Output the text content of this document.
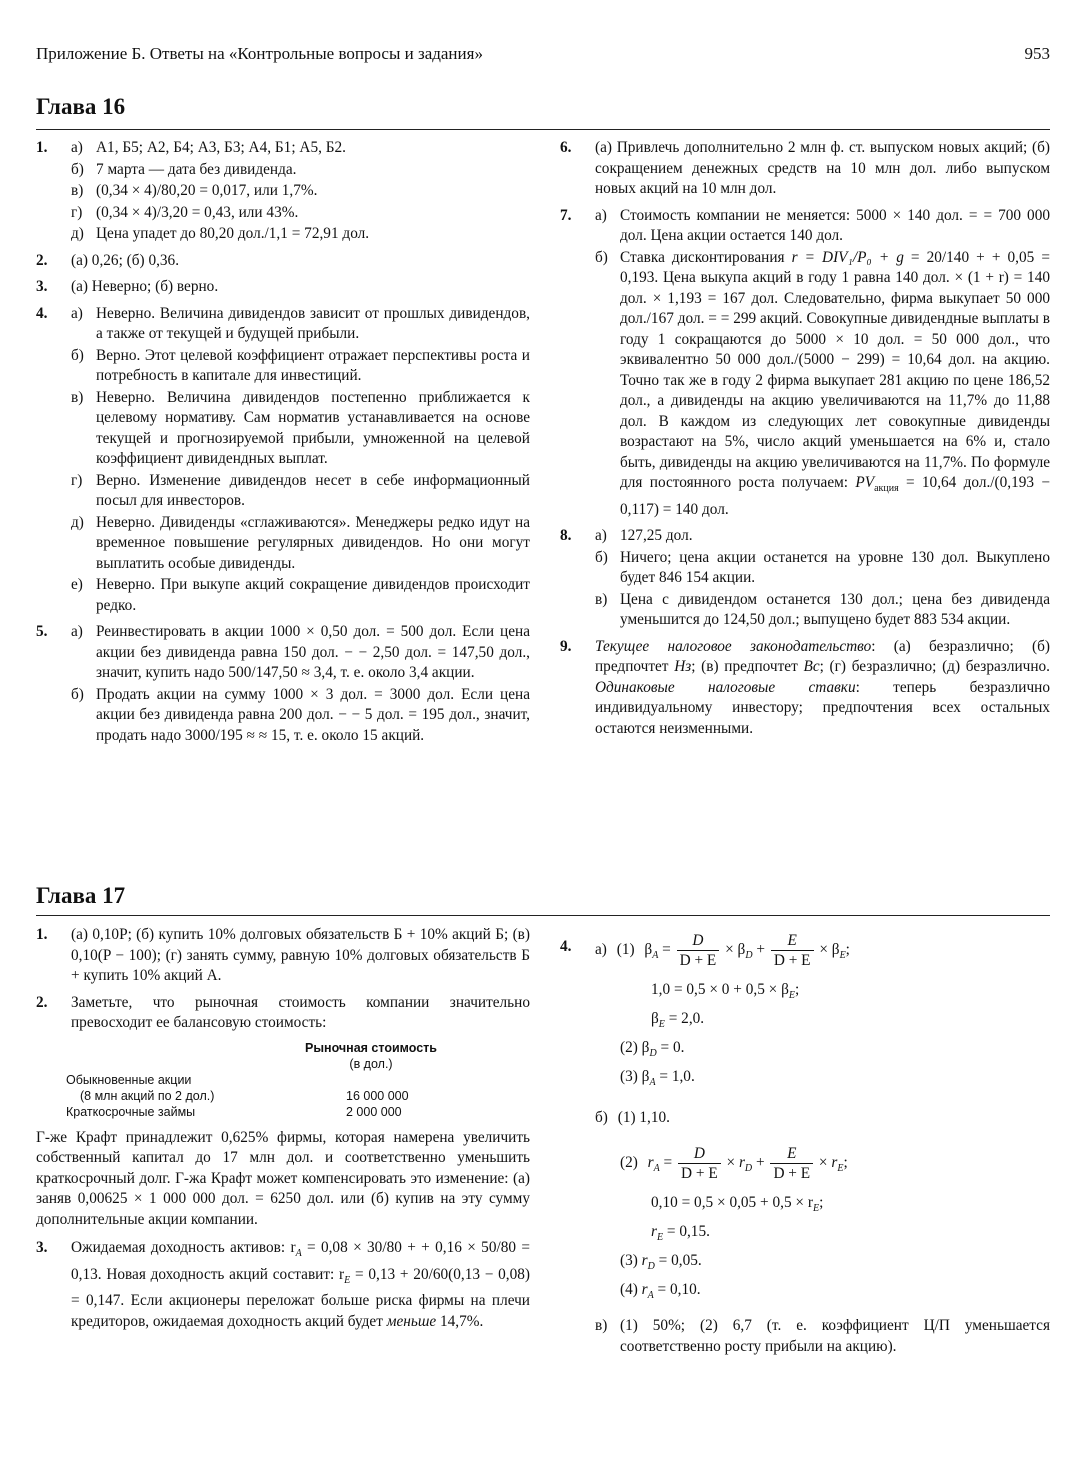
Приложение Б. Ответы на «Контрольные вопросы и задания»	953
Глава 16
1. а) A1, Б5; A2, Б4; A3, Б3; A4, Б1; A5, Б2.
б) 7 марта — дата без дивиденда.
в) (0,34 × 4)/80,20 = 0,017, или 1,7%.
г) (0,34 × 4)/3,20 = 0,43, или 43%.
д) Цена упадет до 80,20 дол./1,1 = 72,91 дол.
2. (а) 0,26; (б) 0,36.
3. (а) Неверно; (б) верно.
4. а) Неверно. Величина дивидендов зависит от прошлых дивидендов, а также от текущей и будущей прибыли.
б) Верно. Этот целевой коэффициент отражает перспективы роста и потребность в капитале для инвестиций.
в) Неверно. Величина дивидендов постепенно приближается к целевому нормативу. Сам норматив устанавливается на основе текущей и прогнозируемой прибыли, умноженной на целевой коэффициент дивидендных выплат.
г) Верно. Изменение дивидендов несет в себе информационный посыл для инвесторов.
д) Неверно. Дивиденды «сглаживаются». Менеджеры редко идут на временное повышение регулярных дивидендов. Но они могут выплатить особые дивиденды.
е) Неверно. При выкупе акций сокращение дивидендов происходит редко.
5. а) Реинвестировать в акции 1000 × 0,50 дол. = 500 дол. Если цена акции без дивиденда равна 150 дол. − − 2,50 дол. = 147,50 дол., значит, купить надо 500/147,50 ≈ 3,4, т. е. около 3,4 акции.
б) Продать акции на сумму 1000 × 3 дол. = 3000 дол. Если цена акции без дивиденда равна 200 дол. − − 5 дол. = 195 дол., значит, продать надо 3000/195 ≈ ≈ 15, т. е. около 15 акций.
6. (а) Привлечь дополнительно 2 млн ф. ст. выпуском новых акций; (б) сокращением денежных средств на 10 млн дол. либо выпуском новых акций на 10 млн дол.
7. а) Стоимость компании не меняется: 5000 × 140 дол. = = 700 000 дол. Цена акции остается 140 дол.
б) Ставка дисконтирования r = DIV₁/P₀ + g = 20/140 + + 0,05 = 0,193. Цена выкупа акций в году 1 равна 140 дол. × (1 + r) = 140 дол. × 1,193 = 167 дол. Следовательно, фирма выкупает 50 000 дол./167 дол. = = 299 акций. Совокупные дивидендные выплаты в году 1 сокращаются до 5000 × 10 дол. = 50 000 дол., что эквивалентно 50 000 дол./(5000 − 299) = 10,64 дол. на акцию. Точно так же в году 2 фирма выкупает 281 акцию по цене 186,52 дол., а дивиденды на акцию увеличиваются на 11,7% до 11,88 дол. В каждом из следующих лет совокупные дивиденды возрастают на 5%, число акций уменьшается на 6% и, стало быть, дивиденды на акцию увеличиваются на 11,7%. По формуле для постоянного роста получаем: $PV_{акция} = 10,64$ дол./(0,193 − 0,117) = 140 дол.
8. а) 127,25 дол.
б) Ничего; цена акции останется на уровне 130 дол. Выкуплено будет 846 154 акции.
в) Цена с дивидендом останется 130 дол.; цена без дивиденда уменьшится до 124,50 дол.; выпущено будет 883 534 акции.
9. Текущее налоговое законодательство: (а) безразлично; (б) предпочтет Нз; (в) предпочтет Вс; (г) безразлично; (д) безразлично. Одинаковые налоговые ставки: теперь безразлично индивидуальному инвестору; предпочтения всех остальных остаются неизменными.
Глава 17
1. (а) 0,10P; (б) купить 10% долговых обязательств Б + 10% акций Б; (в) 0,10(P − 100); (г) занять сумму, равную 10% долговых обязательств Б + купить 10% акций А.
2. Заметьте, что рыночная стоимость компании значительно превосходит ее балансовую стоимость:
Рыночная стоимость
(в дол.)
Обыкновенные акции
(8 млн акций по 2 дол.)	16 000 000
Краткосрочные займы	2 000 000
Г-же Крафт принадлежит 0,625% фирмы, которая намерена увеличить собственный капитал до 17 млн дол. и соответственно уменьшить краткосрочный долг. Г-жа Крафт может компенсировать это изменение: (а) заняв 0,00625 × 1 000 000 дол. = 6250 дол. или (б) купив на эту сумму дополнительные акции компании.
3. Ожидаемая доходность активов: $r_A = 0,08 \times 30/80$ + + 0,16 × 50/80 = 0,13. Новая доходность акций составит: $r_E = 0,13 + 20/60(0,13 - 0,08) = 0,147$. Если акционеры переложат больше риска фирмы на плечи кредиторов, ожидаемая доходность акций будет меньше 14,7%.
4. а) (1) $\beta_A = \frac{D}{D + E} \times \beta_D + \frac{E}{D + E} \times \beta_E$;
$1,0 = 0,5 \times 0 + 0,5 \times \beta_E$;
$\beta_E = 2,0$.
(2) $\beta_D = 0$.
(3) $\beta_A = 1,0$.
б) (1) 1,10.
(2) $r_A = \frac{D}{D + E} \times r_D + \frac{E}{D + E} \times r_E$;
$0,10 = 0,5 \times 0,05 + 0,5 \times r_E$;
$r_E = 0,15$.
(3) $r_D = 0,05$.
(4) $r_A = 0,10$.
в) (1) 50%; (2) 6,7 (т. е. коэффициент Ц/П уменьшается соответственно росту прибыли на акцию).
